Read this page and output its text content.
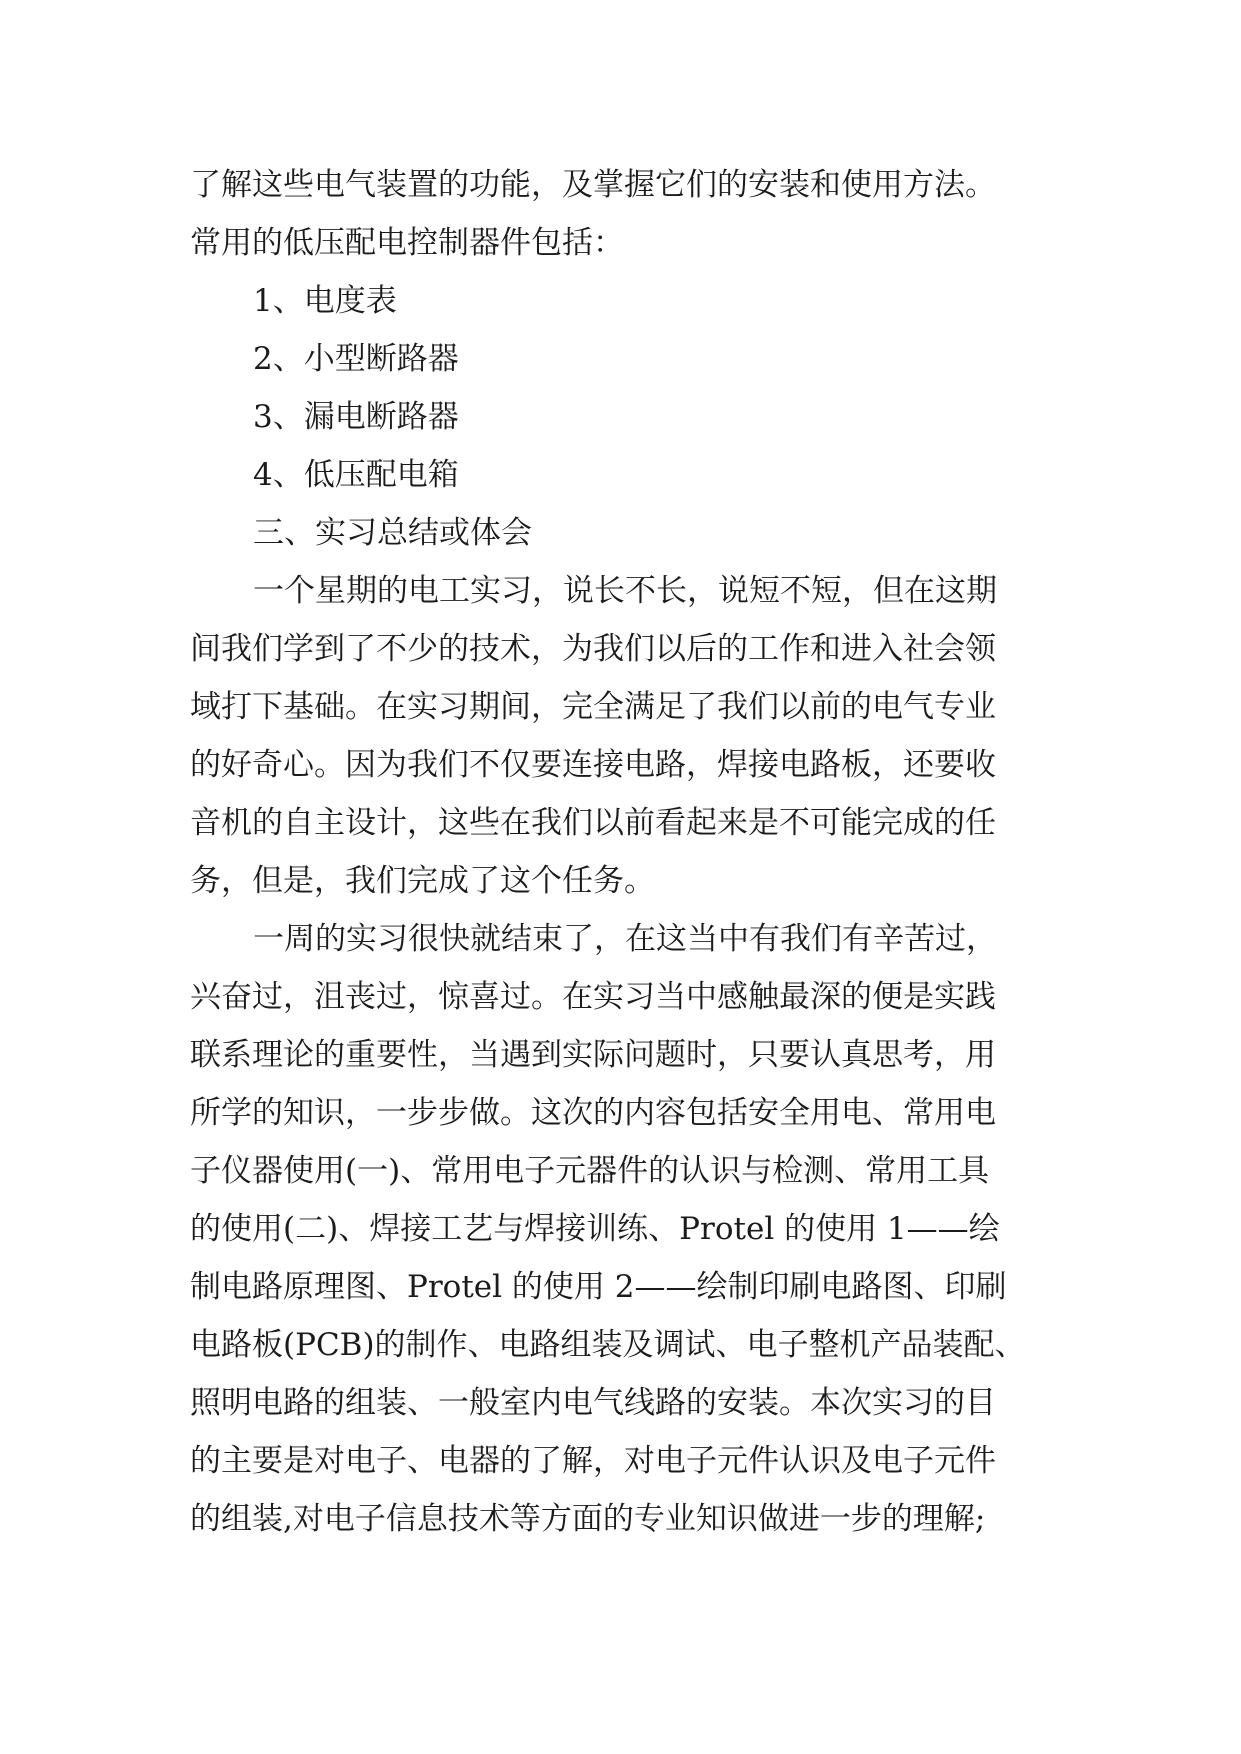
了解这些电气装置的功能，及掌握它们的安装和使用方法。
常用的低压配电控制器件包括：
1、电度表
2、小型断路器
3、漏电断路器
4、低压配电箱
三、实习总结或体会
一个星期的电工实习，说长不长，说短不短，但在这期
间我们学到了不少的技术，为我们以后的工作和进入社会领
域打下基础。在实习期间，完全满足了我们以前的电气专业
的好奇心。因为我们不仅要连接电路，焊接电路板，还要收
音机的自主设计，这些在我们以前看起来是不可能完成的任
务，但是，我们完成了这个任务。
一周的实习很快就结束了，在这当中有我们有辛苦过，
兴奋过，沮丧过，惊喜过。在实习当中感触最深的便是实践
联系理论的重要性，当遇到实际问题时，只要认真思考，用
所学的知识，一步步做。这次的内容包括安全用电、常用电
子仪器使用(一)、常用电子元器件的认识与检测、常用工具
的使用(二)、焊接工艺与焊接训练、Protel 的使用 1——绘
制电路原理图、Protel 的使用 2——绘制印刷电路图、印刷
电路板(PCB)的制作、电路组装及调试、电子整机产品装配、
照明电路的组装、一般室内电气线路的安装。本次实习的目
的主要是对电子、电器的了解，对电子元件认识及电子元件
的组装,对电子信息技术等方面的专业知识做进一步的理解;
